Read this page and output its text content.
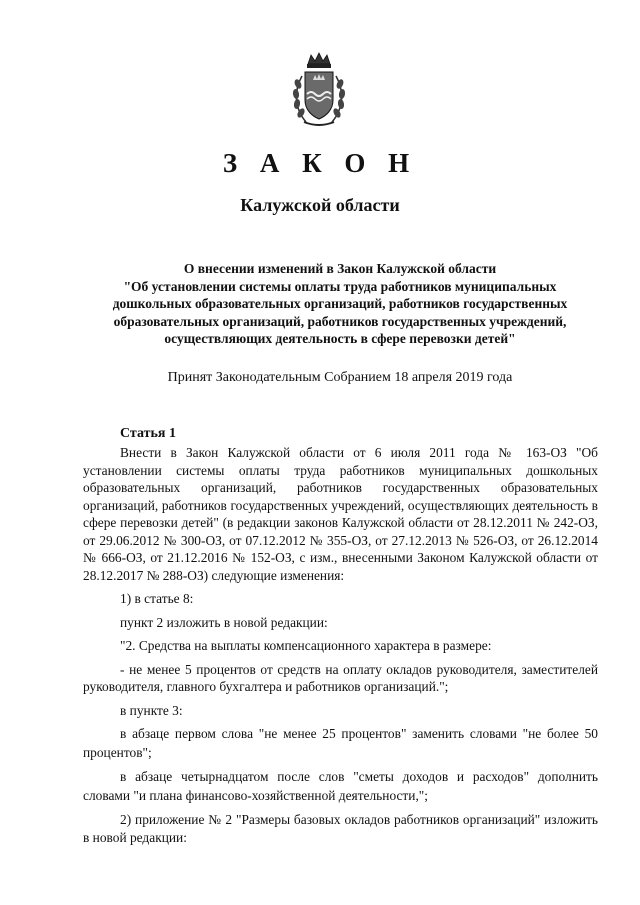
З А К О Н
Калужской области
О внесении изменений в Закон Калужской области
"Об установлении системы оплаты труда работников муниципальных
дошкольных образовательных организаций, работников государственных
образовательных организаций, работников государственных учреждений,
осуществляющих деятельность в сфере перевозки детей"
Принят Законодательным Собранием 18 апреля 2019 года
Статья 1

Внести в Закон Калужской области от 6 июля 2011 года № 163-ОЗ "Об установлении системы оплаты труда работников муниципальных дошкольных образовательных организаций, работников государственных образовательных организаций, работников государственных учреждений, осуществляющих деятельность в сфере перевозки детей" (в редакции законов Калужской области от 28.12.2011 № 242-ОЗ, от 29.06.2012 № 300-ОЗ, от 07.12.2012 № 355-ОЗ, от 27.12.2013 № 526-ОЗ, от 26.12.2014 № 666-ОЗ, от 21.12.2016 № 152-ОЗ, с изм., внесенными Законом Калужской области от 28.12.2017 № 288-ОЗ) следующие изменения:

1) в статье 8:

пункт 2 изложить в новой редакции:

"2. Средства на выплаты компенсационного характера в размере:

- не менее 5 процентов от средств на оплату окладов руководителя, заместителей руководителя, главного бухгалтера и работников организаций.";

в пункте 3:

в абзаце первом слова "не менее 25 процентов" заменить словами "не более 50 процентов";

в абзаце четырнадцатом после слов "сметы доходов и расходов" дополнить словами "и плана финансово-хозяйственной деятельности,";

2) приложение № 2 "Размеры базовых окладов работников организаций" изложить в новой редакции:
